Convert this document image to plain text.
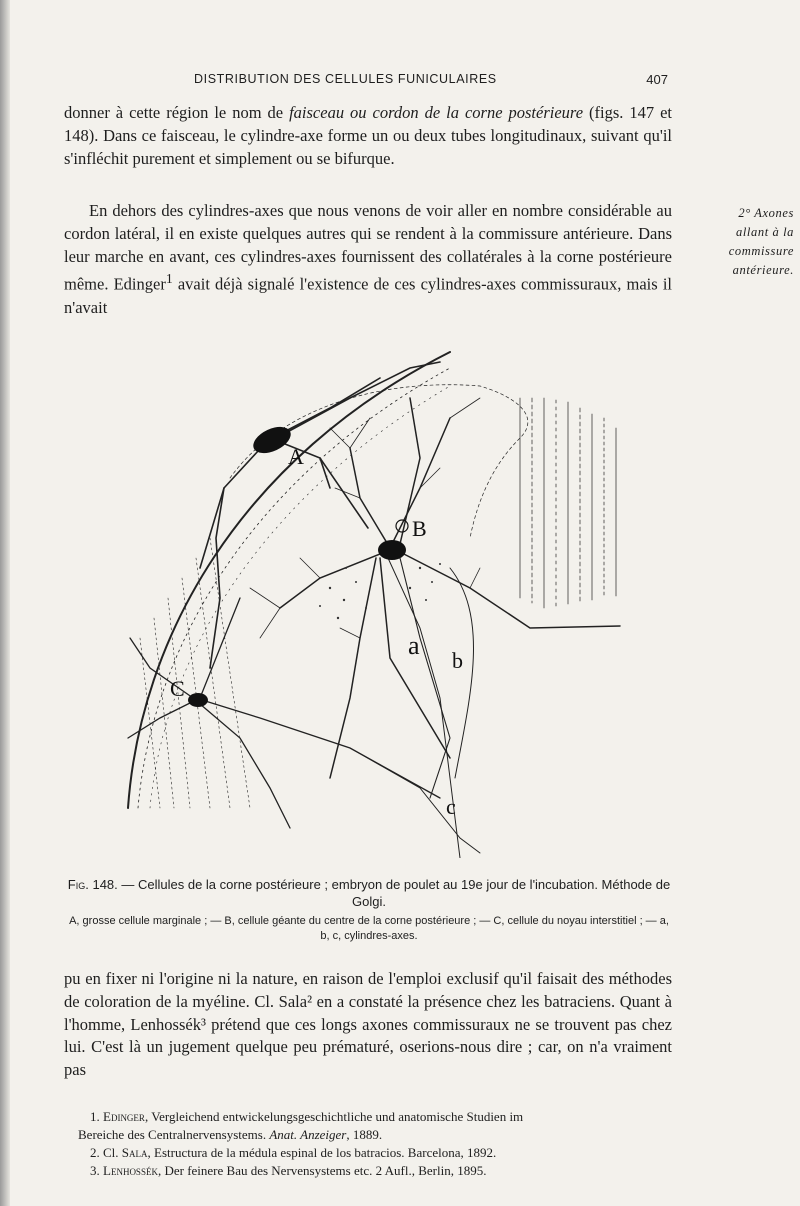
DISTRIBUTION DES CELLULES FUNICULAIRES	407

donner à cette région le nom de faisceau ou cordon de la corne postérieure (figs. 147 et 148). Dans ce faisceau, le cylindre-axe forme un ou deux tubes longitudinaux, suivant qu'il s'infléchit purement et simplement ou se bifurque.

En dehors des cylindres-axes que nous venons de voir aller en nombre considérable au cordon latéral, il en existe quelques autres qui se rendent à la commissure antérieure. Dans leur marche en avant, ces cylindres-axes fournissent des collatérales à la corne postérieure même. Edinger$^1$ avait déjà signalé l'existence de ces cylindres-axes commissuraux, mais il n'avait

2° Axones
allant à la
commissure
antérieure.
A
B
C
a
b
c
Fig. 148. — Cellules de la corne postérieure ; embryon de poulet au 19e jour de l'incubation. Méthode de Golgi.
A, grosse cellule marginale ; — B, cellule géante du centre de la corne postérieure ; — C, cellule du noyau interstitiel ; — a, b, c, cylindres-axes.

pu en fixer ni l'origine ni la nature, en raison de l'emploi exclusif qu'il faisait des méthodes de coloration de la myéline. Cl. Sala² en a constaté la présence chez les batraciens. Quant à l'homme, Lenhossék³ prétend que ces longs axones commissuraux ne se trouvent pas chez lui. C'est là un jugement quelque peu prématuré, oserions-nous dire ; car, on n'a vraiment pas

1. Edinger, Vergleichend entwickelungsgeschichtliche und anatomische Studien im

Bereiche des Centralnervensystems. Anat. Anzeiger, 1889.

2. Cl. Sala, Estructura de la médula espinal de los batracios. Barcelona, 1892.

3. Lenhossék, Der feinere Bau des Nervensystems etc. 2 Aufl., Berlin, 1895.
